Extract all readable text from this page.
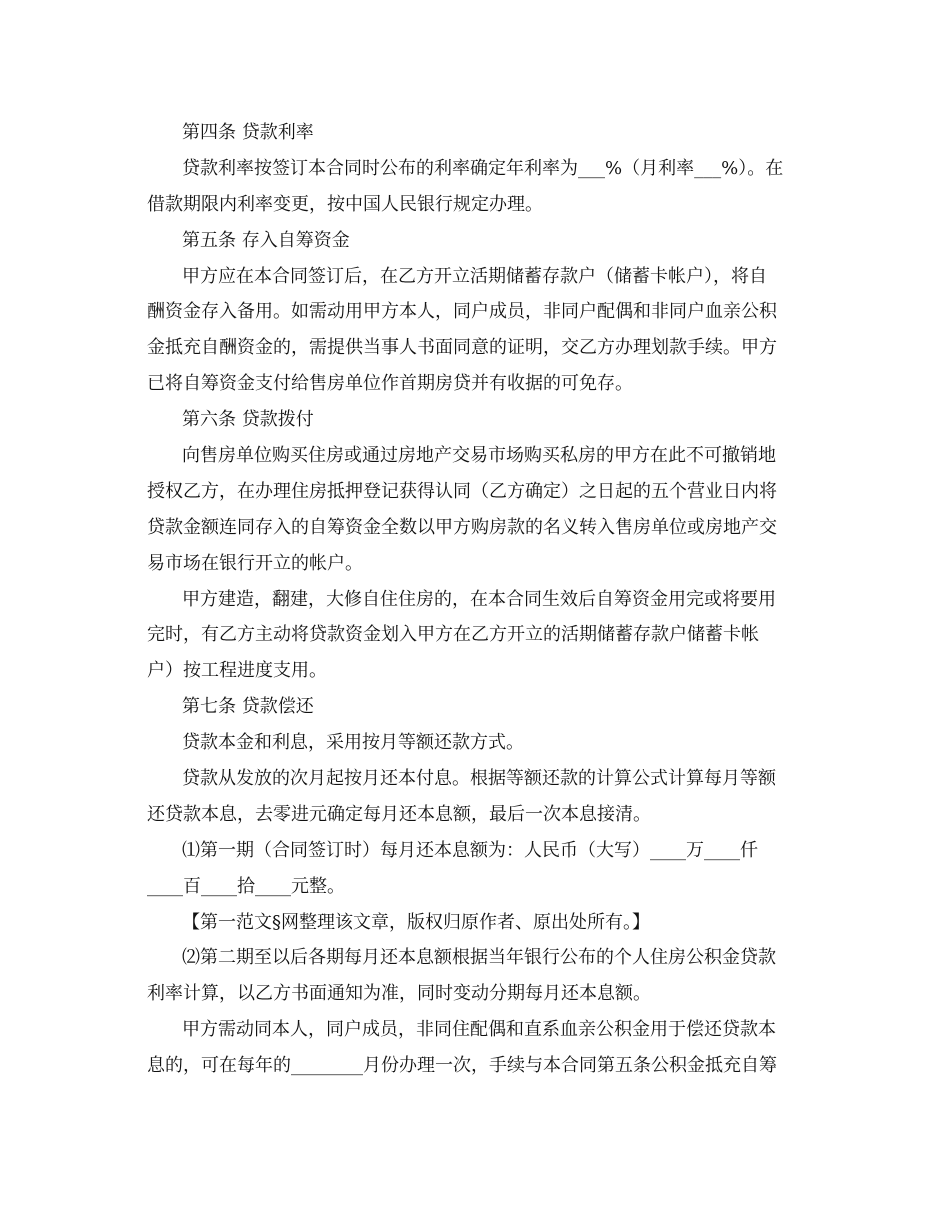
第四条 贷款利率
贷款利率按签订本合同时公布的利率确定年利率为___%（月利率___%）。在
借款期限内利率变更，按中国人民银行规定办理。
第五条 存入自筹资金
甲方应在本合同签订后，在乙方开立活期储蓄存款户（储蓄卡帐户），将自
酬资金存入备用。如需动用甲方本人，同户成员，非同户配偶和非同户血亲公积
金抵充自酬资金的，需提供当事人书面同意的证明，交乙方办理划款手续。甲方
已将自筹资金支付给售房单位作首期房贷并有收据的可免存。
第六条 贷款拨付
向售房单位购买住房或通过房地产交易市场购买私房的甲方在此不可撤销地
授权乙方，在办理住房抵押登记获得认同（乙方确定）之日起的五个营业日内将
贷款金额连同存入的自筹资金全数以甲方购房款的名义转入售房单位或房地产交
易市场在银行开立的帐户。
甲方建造，翻建，大修自住住房的，在本合同生效后自筹资金用完或将要用
完时，有乙方主动将贷款资金划入甲方在乙方开立的活期储蓄存款户储蓄卡帐
户）按工程进度支用。
第七条 贷款偿还
贷款本金和利息，采用按月等额还款方式。
贷款从发放的次月起按月还本付息。根据等额还款的计算公式计算每月等额
还贷款本息，去零进元确定每月还本息额，最后一次本息接清。
⑴第一期（合同签订时）每月还本息额为：人民币（大写）____万____仟
____百____拾____元整。
【第一范文§网整理该文章，版权归原作者、原出处所有。】
⑵第二期至以后各期每月还本息额根据当年银行公布的个人住房公积金贷款
利率计算，以乙方书面通知为准，同时变动分期每月还本息额。
甲方需动同本人，同户成员，非同住配偶和直系血亲公积金用于偿还贷款本
息的，可在每年的________月份办理一次，手续与本合同第五条公积金抵充自筹
